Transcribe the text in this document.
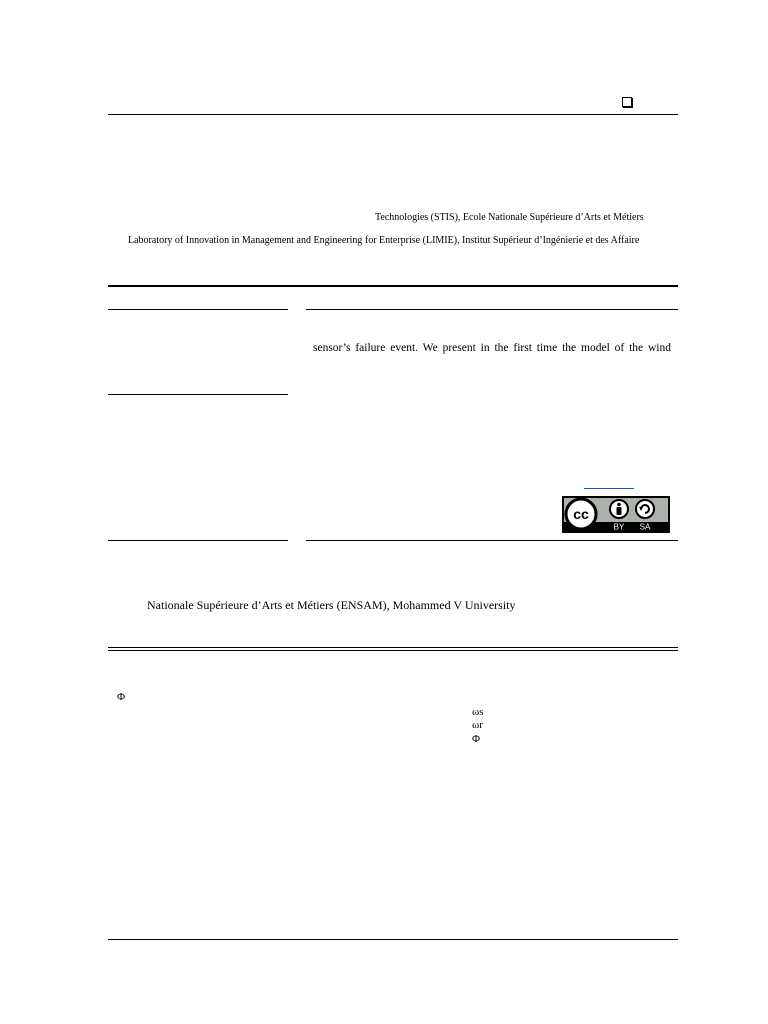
Technologies (STIS), Ecole Nationale Supérieure d’Arts et Métiers
Laboratory of Innovation in Management and Engineering for Enterprise (LIMIE), Institut Supérieur d’Ingénierie et des Affaire
sensor’s failure event. We present in the first time the model of the wind
cc
BY SA
Nationale Supérieure d’Arts et Métiers (ENSAM), Mohammed V University
Φ
ωs
ωr
Φ
